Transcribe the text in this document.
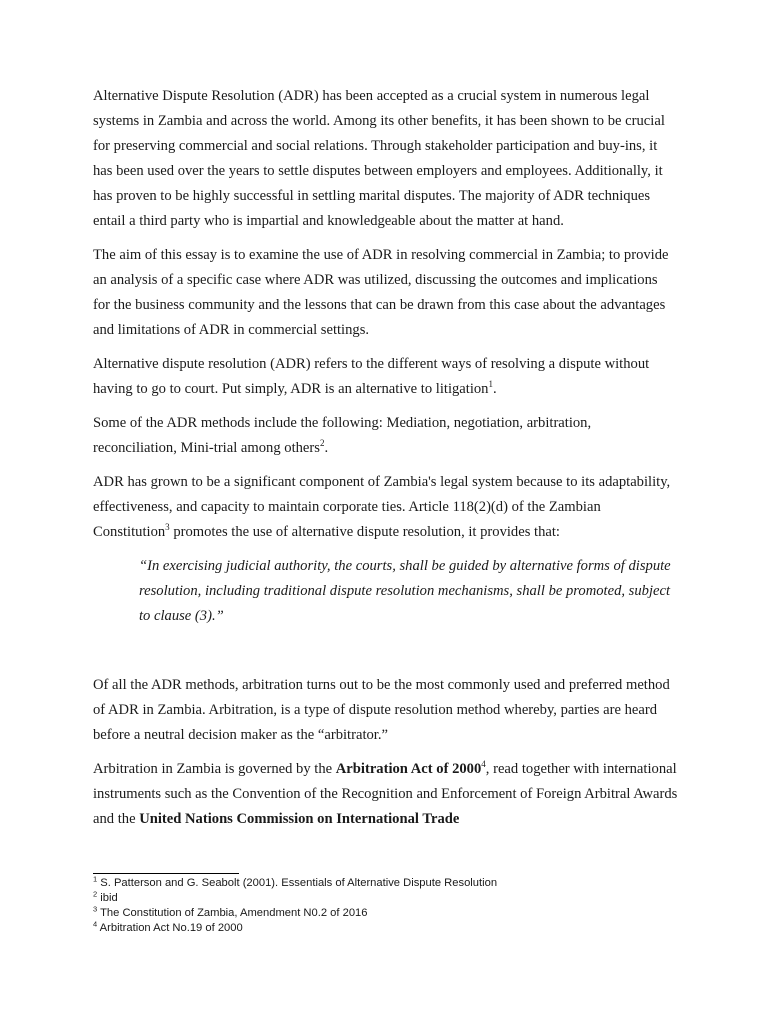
Alternative Dispute Resolution (ADR) has been accepted as a crucial system in numerous legal systems in Zambia and across the world. Among its other benefits, it has been shown to be crucial for preserving commercial and social relations. Through stakeholder participation and buy-ins, it has been used over the years to settle disputes between employers and employees. Additionally, it has proven to be highly successful in settling marital disputes. The majority of ADR techniques entail a third party who is impartial and knowledgeable about the matter at hand.

The aim of this essay is to examine the use of ADR in resolving commercial in Zambia; to provide an analysis of a specific case where ADR was utilized, discussing the outcomes and implications for the business community and the lessons that can be drawn from this case about the advantages and limitations of ADR in commercial settings.

Alternative dispute resolution (ADR) refers to the different ways of resolving a dispute without having to go to court. Put simply, ADR is an alternative to litigation$^1$.

Some of the ADR methods include the following: Mediation, negotiation, arbitration, reconciliation, Mini-trial among others$^2$.

ADR has grown to be a significant component of Zambia's legal system because to its adaptability, effectiveness, and capacity to maintain corporate ties. Article 118(2)(d) of the Zambian Constitution$^3$ promotes the use of alternative dispute resolution, it provides that:

“In exercising judicial authority, the courts, shall be guided by alternative forms of dispute resolution, including traditional dispute resolution mechanisms, shall be promoted, subject to clause (3).”

Of all the ADR methods, arbitration turns out to be the most commonly used and preferred method of ADR in Zambia. Arbitration, is a type of dispute resolution method whereby, parties are heard before a neutral decision maker as the “arbitrator.”

Arbitration in Zambia is governed by the Arbitration Act of 2000$^4$, read together with international instruments such as the Convention of the Recognition and Enforcement of Foreign Arbitral Awards and the United Nations Commission on International Trade

$^1$ S. Patterson and G. Seabolt (2001). Essentials of Alternative Dispute Resolution
$^2$ ibid
$^3$ The Constitution of Zambia, Amendment N0.2 of 2016
$^4$ Arbitration Act No.19 of 2000
